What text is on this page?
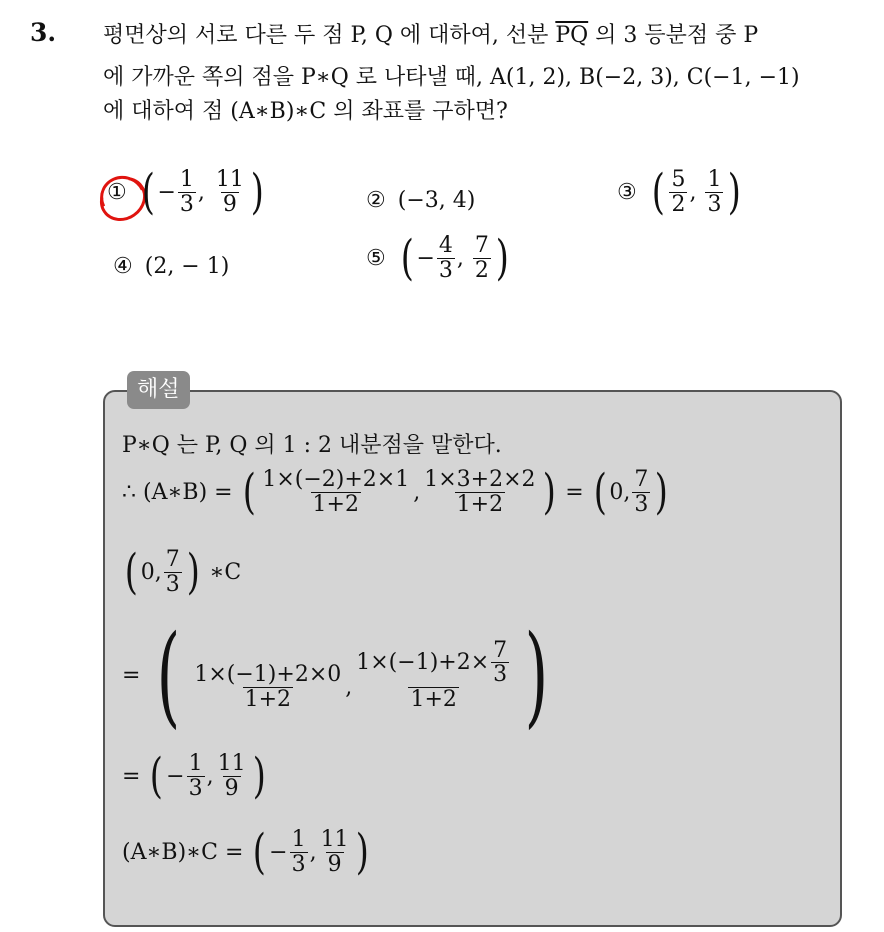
3. 평면상의 서로 다른 두 점 P, Q 에 대하여, 선분 $\overline{PQ}$ 의 3 등분점 중 P
에 가까운 쪽의 점을 P∗Q 로 나타낼 때, A(1, 2), B(−2, 3), C(−1, −1)
에 대하여 점 (A∗B)∗C 의 좌표를 구하면?
① ( − $\frac{1}{3}$ , $\frac{11}{9}$ )	② (−3, 4)	③ ( $\frac{5}{2}$ , $\frac{1}{3}$ )
④ (2, − 1)	⑤ ( − $\frac{4}{3}$ , $\frac{7}{2}$ )
해설
P∗Q 는 P, Q 의 1 : 2 내분점을 말한다.
∴ (A∗B) =
( $\frac{1\times(-2)+2\times 1}{1+2}$ , $\frac{1\times 3+2\times 2}{1+2}$ ) = ( 0, $\frac{7}{3}$ )
( 0, $\frac{7}{3}$ )
∗C
=
( $\frac{1\times(-1)+2\times 0}{1+2}$ , $\frac{1\times(-1)+2\times \frac{7}{3}}{1+2}$ )
=
( − $\frac{1}{3}$ , $\frac{11}{9}$ )
(A∗B)∗C =
( − $\frac{1}{3}$ , $\frac{11}{9}$ )
